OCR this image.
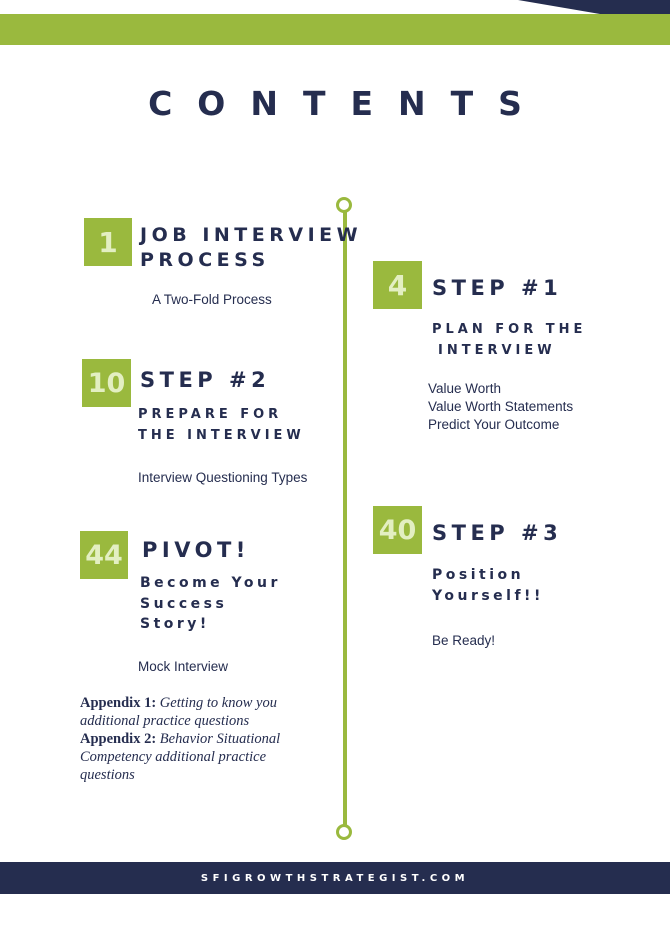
CONTENTS
1	JOB INTERVIEW
PROCESS
A Two-Fold Process
10 STEP #2
PREPARE FOR
THE INTERVIEW
Interview Questioning Types
44 PIVOT!
Become Your
Success
Story!
Mock Interview
Appendix 1: Getting to know you
additional practice questions
Appendix 2: Behavior Situational
Competency additional practice
questions
4	STEP #1
PLAN FOR THE
INTERVIEW
Value Worth
Value Worth Statements
Predict Your Outcome
40 STEP #3
Position
Yourself!!
Be Ready!
SFIGROWTHSTRATEGIST.COM
